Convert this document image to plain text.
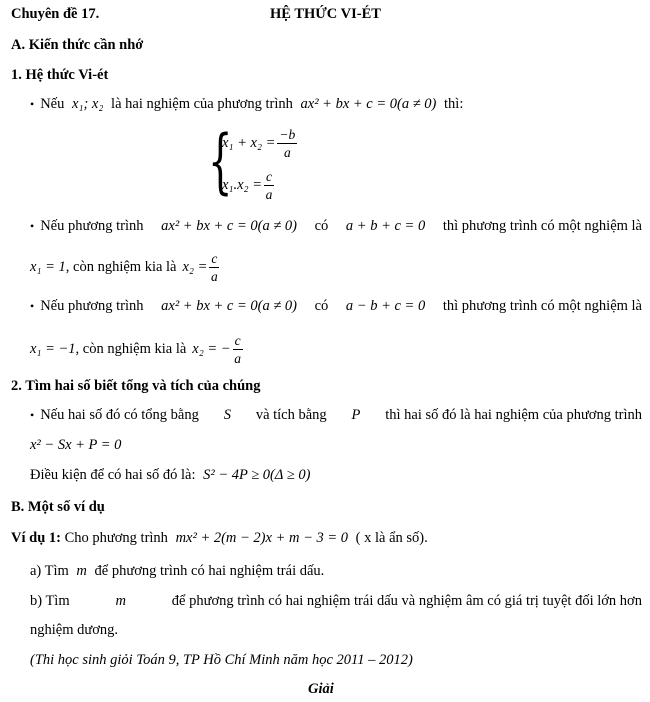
Chuyên đề 17.	HỆ THỨC VI-ÉT
A. Kiến thức cần nhớ
1. Hệ thức Vi-ét
• Nếu x₁; x₂ là hai nghiệm của phương trình ax² + bx + c = 0(a ≠ 0) thì:
{
$x_1 + x_2 = \frac{-b}{a}$
$x_1.x_2 = \frac{c}{a}$
• Nếu phương trình ax² + bx + c = 0(a ≠ 0) có a + b + c = 0 thì phương trình có một nghiệm là
x₁ = 1 , còn nghiệm kia là $x_2 = \frac{c}{a}$
• Nếu phương trình ax² + bx + c = 0(a ≠ 0) có a − b + c = 0 thì phương trình có một nghiệm là
x₁ = −1 , còn nghiệm kia là x₂ = − $\frac{c}{a}$
2. Tìm hai số biết tổng và tích của chúng
• Nếu hai số đó có tổng bằng S và tích bằng P thì hai số đó là hai nghiệm của phương trình
x² − Sx + P = 0
Điều kiện để có hai số đó là: S² − 4P ≥ 0(Δ ≥ 0)
B. Một số ví dụ
Ví dụ 1: Cho phương trình mx² + 2(m − 2)x + m − 3 = 0 ( x là ẩn số).
a) Tìm m để phương trình có hai nghiệm trái dấu.
b) Tìm	m	để phương trình có hai nghiệm trái dấu và nghiệm âm có giá trị tuyệt đối lớn hơn
nghiệm dương.
(Thi học sinh giỏi Toán 9, TP Hồ Chí Minh năm học 2011 – 2012)
Giải
